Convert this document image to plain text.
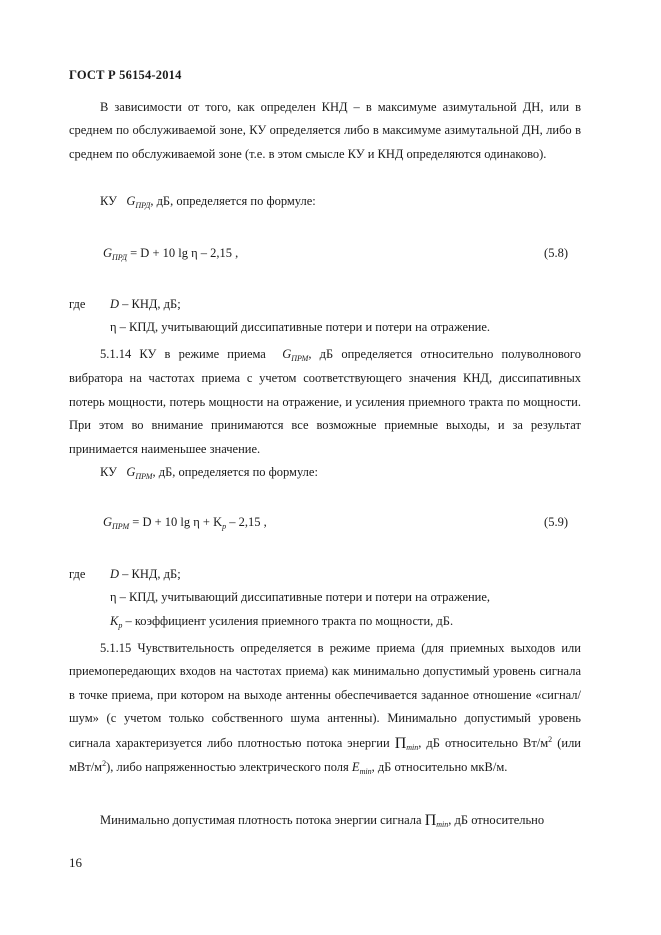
ГОСТ Р 56154-2014

В зависимости от того, как определен КНД – в максимуме азимутальной ДН, или в среднем по обслуживаемой зоне, КУ определяется либо в максимуме азимутальной ДН, либо в среднем по обслуживаемой зоне (т.е. в этом смысле КУ и КНД определяются одинаково).

КУ $G_{ПРД}$, дБ, определяется по формуле:
$G_{ПРД} = D + 10$ lg η – 2,15 ,	(5.8)
где D – КНД, дБ;
η – КПД, учитывающий диссипативные потери и потери на отражение.

5.1.14 КУ в режиме приема $G_{ПРМ}$, дБ определяется относительно полуволнового вибратора на частотах приема с учетом соответствующего значения КНД, диссипативных потерь мощности, потерь мощности на отражение, и усиления приемного тракта по мощности. При этом во внимание принимаются все возможные приемные выходы, и за результат принимается наименьшее значение.

КУ $G_{ПРМ}$, дБ, определяется по формуле:
$G_{ПРМ} = D + 10$ $\lg \eta + K_р - 2,15$ ,	(5.9)
где D – КНД, дБ;
η – КПД, учитывающий диссипативные потери и потери на отражение,
$K_р$ – коэффициент усиления приемного тракта по мощности, дБ.

5.1.15 Чувствительность определяется в режиме приема (для приемных выходов или приемопередающих входов на частотах приема) как минимально допустимый уровень сигнала в точке приема, при котором на выходе антенны обеспечивается заданное отношение «сигнал/шум» (с учетом только собственного шума антенны). Минимально допустимый уровень сигнала характеризуется либо плотностью потока энергии $П_{min}$, дБ относительно $Вт/м^2$ (или мВт/$м^2$), либо напряженностью электрического поля $E_{min}$, дБ относительно мкВ/м.

Минимально допустимая плотность потока энергии сигнала $П_{min}$, дБ относительно

16
